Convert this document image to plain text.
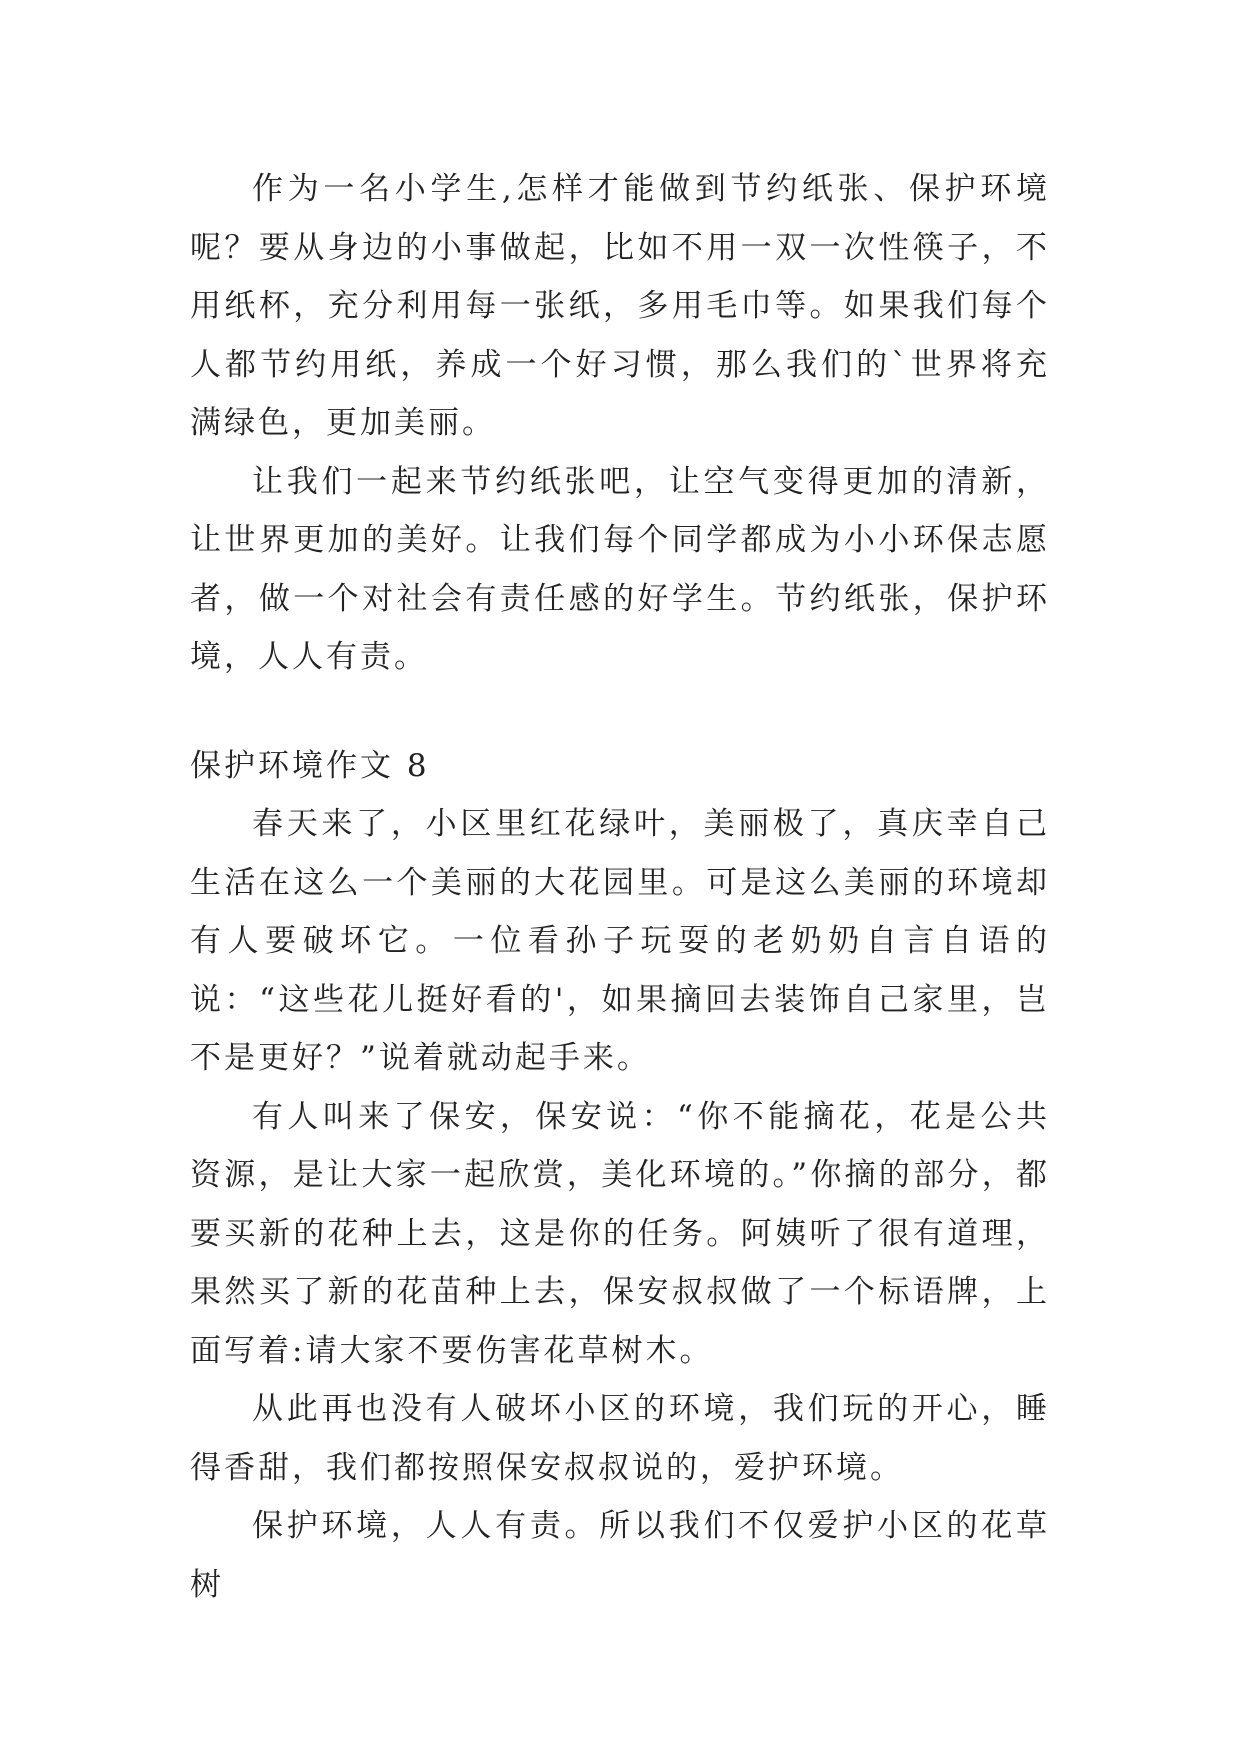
作为一名小学生,怎样才能做到节约纸张、保护环境呢？要从身边的小事做起，比如不用一双一次性筷子，不用纸杯，充分利用每一张纸，多用毛巾等。如果我们每个人都节约用纸，养成一个好习惯，那么我们的`世界将充满绿色，更加美丽。

让我们一起来节约纸张吧，让空气变得更加的清新，让世界更加的美好。让我们每个同学都成为小小环保志愿者，做一个对社会有责任感的好学生。节约纸张，保护环境，人人有责。

保护环境作文 8

春天来了，小区里红花绿叶，美丽极了，真庆幸自己生活在这么一个美丽的大花园里。可是这么美丽的环境却有人要破坏它。一位看孙子玩耍的老奶奶自言自语的说：“这些花儿挺好看的'，如果摘回去装饰自己家里，岂不是更好？”说着就动起手来。

有人叫来了保安，保安说：“你不能摘花，花是公共资源，是让大家一起欣赏，美化环境的。”你摘的部分，都要买新的花种上去，这是你的任务。阿姨听了很有道理，果然买了新的花苗种上去，保安叔叔做了一个标语牌，上面写着:请大家不要伤害花草树木。

从此再也没有人破坏小区的环境，我们玩的开心，睡得香甜，我们都按照保安叔叔说的，爱护环境。

保护环境，人人有责。所以我们不仅爱护小区的花草树
